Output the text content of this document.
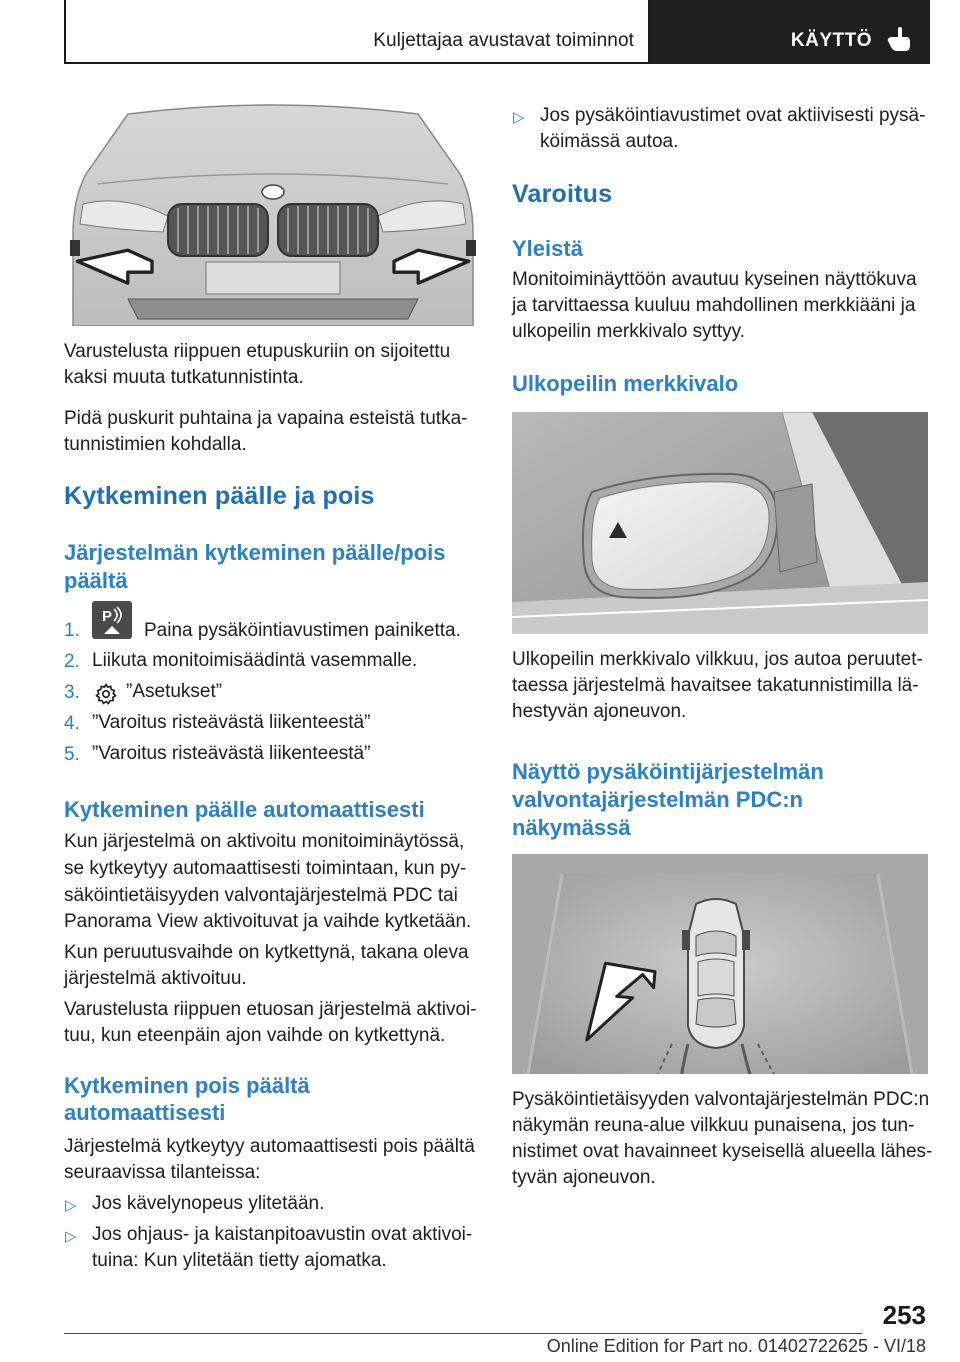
Kuljettajaa avustavat toiminnot	KÄYTTÖ
Varustelusta riippuen etupuskuriin on sijoitettu
kaksi muuta tutkatunnistinta.
Pidä puskurit puhtaina ja vapaina esteistä tutka-
tunnistimien kohdalla.
Kytkeminen päälle ja pois
Järjestelmän kytkeminen päälle/pois
päältä
1.
P
Paina pysäköintiavustimen painiketta.
2. Liikuta monitoimisäädintä vasemmalle.
3. ”Asetukset”
4. ”Varoitus risteävästä liikenteestä”
5. ”Varoitus risteävästä liikenteestä”
Kytkeminen päälle automaattisesti
Kun järjestelmä on aktivoitu monitoiminäytössä,
se kytkeytyy automaattisesti toimintaan, kun py-
säköintietäisyyden valvontajärjestelmä PDC tai
Panorama View aktivoituvat ja vaihde kytketään.
Kun peruutusvaihde on kytkettynä, takana oleva
järjestelmä aktivoituu.
Varustelusta riippuen etuosan järjestelmä aktivoi-
tuu, kun eteenpäin ajon vaihde on kytkettynä.
Kytkeminen pois päältä
automaattisesti
Järjestelmä kytkeytyy automaattisesti pois päältä
seuraavissa tilanteissa:
▷ Jos kävelynopeus ylitetään.
▷ Jos ohjaus- ja kaistanpitoavustin ovat aktivoi-
tuina: Kun ylitetään tietty ajomatka.
▷ Jos pysäköintiavustimet ovat aktiivisesti pysä-
köimässä autoa.
Varoitus
Yleistä
Monitoiminäyttöön avautuu kyseinen näyttökuva
ja tarvittaessa kuuluu mahdollinen merkkiääni ja
ulkopeilin merkkivalo syttyy.
Ulkopeilin merkkivalo
Ulkopeilin merkkivalo vilkkuu, jos autoa peruutet-
taessa järjestelmä havaitsee takatunnistimilla lä-
hestyvän ajoneuvon.
Näyttö pysäköintijärjestelmän
valvontajärjestelmän PDC:n
näkymässä
Pysäköintietäisyyden valvontajärjestelmän PDC:n
näkymän reuna-alue vilkkuu punaisena, jos tun-
nistimet ovat havainneet kyseisellä alueella lähes-
tyvän ajoneuvon.
253
Online Edition for Part no. 01402722625 - VI/18
